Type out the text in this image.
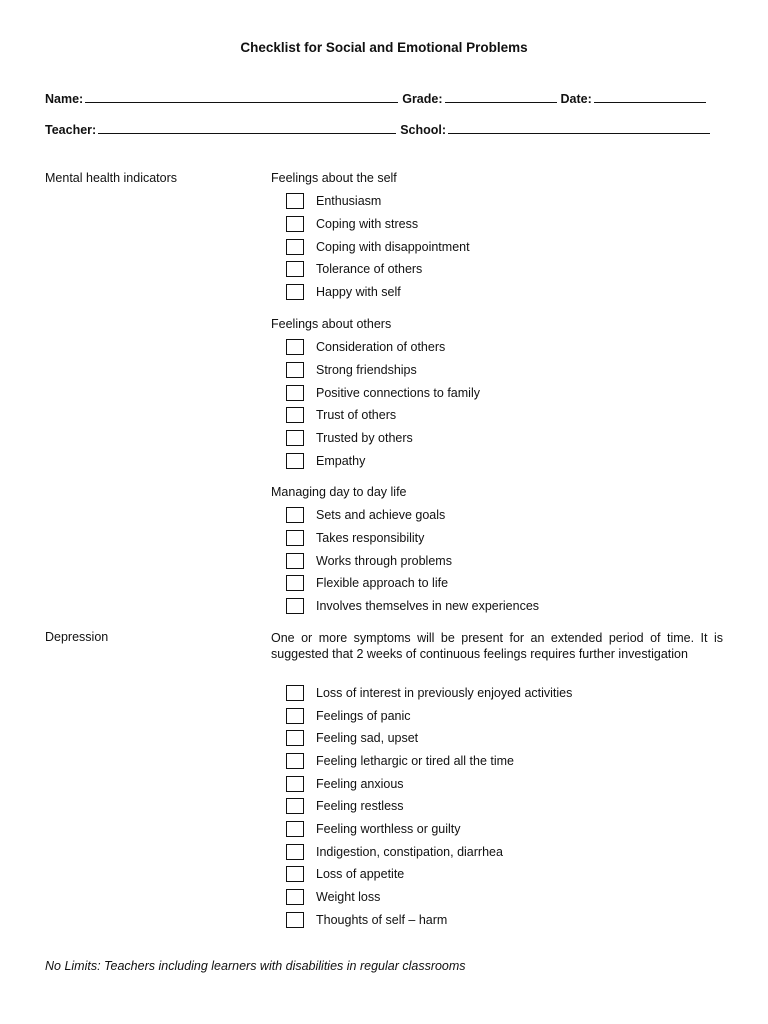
Checklist for Social and Emotional Problems
Name:	Grade:	Date:
Teacher:	School:
Mental health indicators	Feelings about the self
Enthusiasm
Coping with stress
Coping with disappointment
Tolerance of others
Happy with self
Feelings about others
Consideration of others
Strong friendships
Positive connections to family
Trust of others
Trusted by others
Empathy
Managing day to day life
Sets and achieve goals
Takes responsibility
Works through problems
Flexible approach to life
Involves themselves in new experiences
Depression	One or more symptoms will be present for an extended period of time. It is suggested that 2 weeks of continuous feelings requires further investigation
Loss of interest in previously enjoyed activities
Feelings of panic
Feeling sad, upset
Feeling lethargic or tired all the time
Feeling anxious
Feeling restless
Feeling worthless or guilty
Indigestion, constipation, diarrhea
Loss of appetite
Weight loss
Thoughts of self – harm
No Limits: Teachers including learners with disabilities in regular classrooms
